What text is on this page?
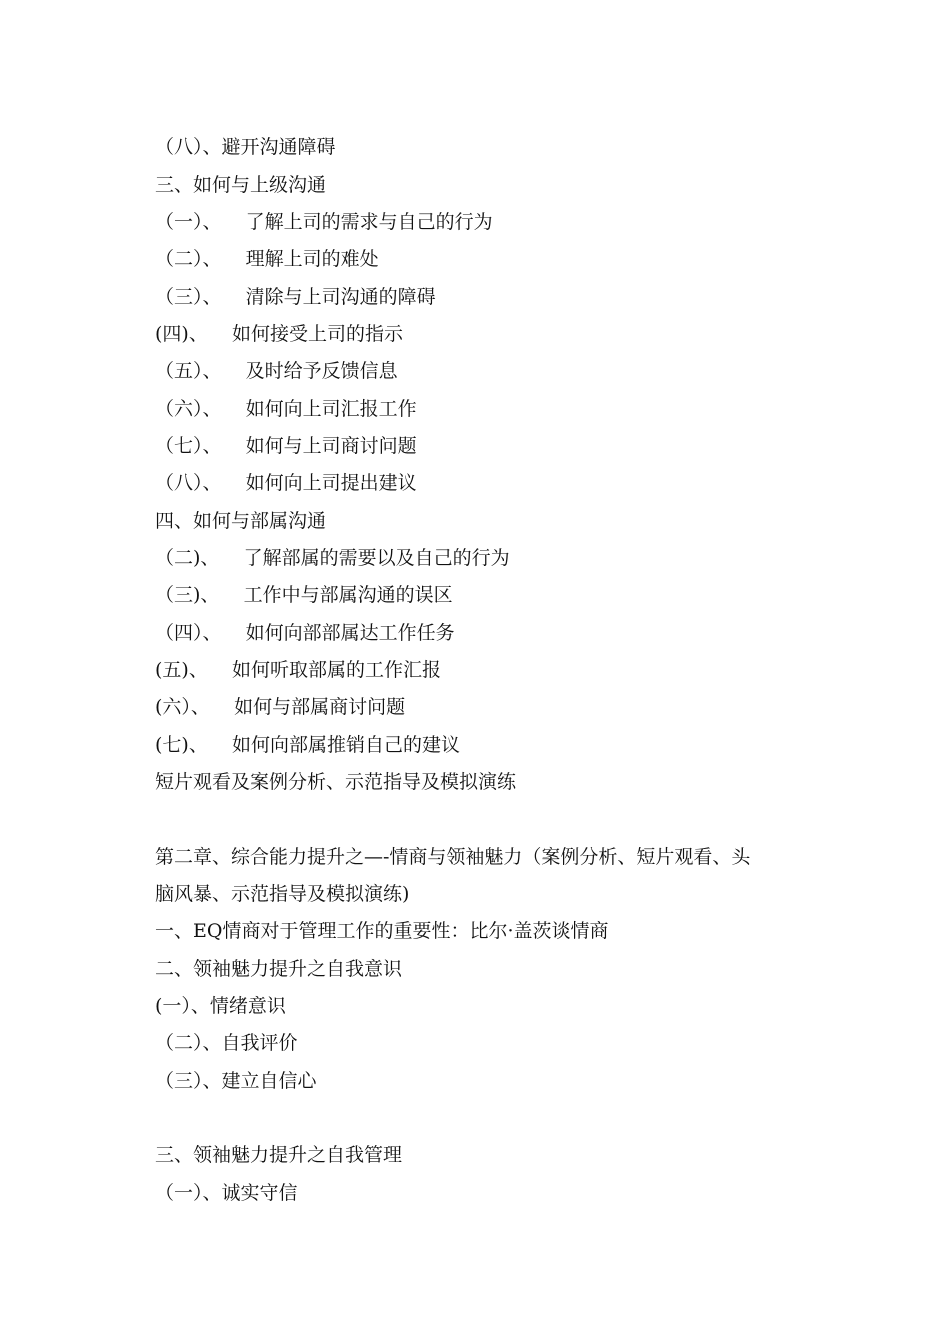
（八）、避开沟通障碍
三、如何与上级沟通
（一）、    了解上司的需求与自己的行为
（二）、    理解上司的难处
（三）、    清除与上司沟通的障碍
(四)、    如何接受上司的指示
（五）、    及时给予反馈信息
（六）、    如何向上司汇报工作
（七）、    如何与上司商讨问题
（八）、    如何向上司提出建议
四、如何与部属沟通
（二)、    了解部属的需要以及自己的行为
（三)、    工作中与部属沟通的误区
（四）、    如何向部部属达工作任务
(五)、    如何听取部属的工作汇报
(六）、    如何与部属商讨问题
(七)、    如何向部属推销自己的建议
短片观看及案例分析、示范指导及模拟演练
第二章、综合能力提升之—-情商与领袖魅力（案例分析、短片观看、头
脑风暴、示范指导及模拟演练)
一、EQ情商对于管理工作的重要性：比尔·盖茨谈情商
二、领袖魅力提升之自我意识
(一）、情绪意识
（二）、自我评价
（三）、建立自信心
三、领袖魅力提升之自我管理
（一）、诚实守信
